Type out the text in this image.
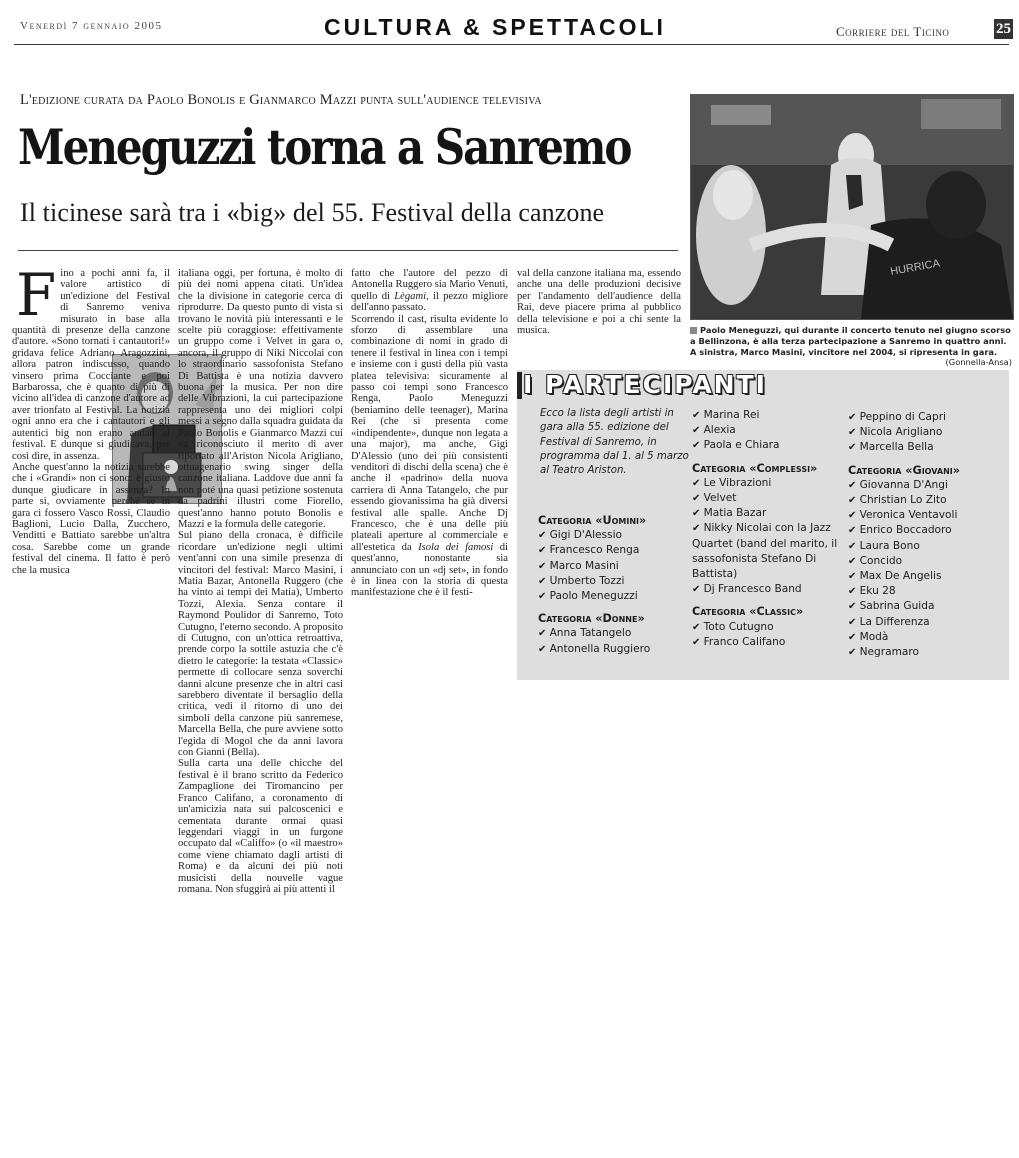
Venerdì 7 gennaio 2005	CULTURA & SPETTACOLI	Corriere del Ticino	25
L'edizione curata da Paolo Bonolis e Gianmarco Mazzi punta sull'audience televisiva
Meneguzzi torna a Sanremo
Il ticinese sarà tra i «big» del 55. Festival della canzone

Fino a pochi anni fa, il valore artistico di un'edizione del Festival di Sanremo veniva misurato in base alla quantità di presenze della canzone d'autore. «Sono tornati i cantautori!» gridava felice Adriano Aragozzini, allora patron indiscusso, quando vinsero prima Cocciante e poi Barbarossa, che è quanto di più di vicino all'idea di canzone d'autore ad aver trionfato al Festival. La notizia ogni anno era che i cantautori e gli autentici big non erano andati al festival. E dunque si giudicava, per così dire, in assenza.

Anche quest'anno la notizia sarebbe che i «Grandi» non ci sono: è giusto dunque giudicare in assenza? In parte sì, ovviamente perché se in gara ci fossero Vasco Rossi, Claudio Baglioni, Lucio Dalla, Zucchero, Venditti e Battiato sarebbe un'altra cosa. Sarebbe come un grande festival del cinema. Il fatto è però che la musica

italiana oggi, per fortuna, è molto di più dei nomi appena citati. Un'idea che la divisione in categorie cerca di riprodurre. Da questo punto di vista si trovano le novità più interessanti e le scelte più coraggiose: effettivamente un gruppo come i Velvet in gara o, ancora, il gruppo di Niki Niccolai con lo straordinario sassofonista Stefano Di Battista è una notizia davvero buona per la musica. Per non dire delle Vibrazioni, la cui partecipazione rappresenta uno dei migliori colpi messi a segno dalla squadra guidata da Paolo Bonolis e Gianmarco Mazzi cui va riconosciuto il merito di aver riportato all'Ariston Nicola Arigliano, ottuagenario swing singer della canzone italiana. Laddove due anni fa non poté una quasi petizione sostenuta da padrini illustri come Fiorello, quest'anno hanno potuto Bonolis e Mazzi e la formula delle categorie.

Sul piano della cronaca, è difficile ricordare un'edizione negli ultimi vent'anni con una simile presenza di vincitori del festival: Marco Masini, i Matia Bazar, Antonella Ruggero (che ha vinto ai tempi dei Matia), Umberto Tozzi, Alexia. Senza contare il Raymond Poulidor di Sanremo, Toto Cutugno, l'eterno secondo. A proposito di Cutugno, con un'ottica retroattiva, prende corpo la sottile astuzia che c'è dietro le categorie: la testata «Classic» permette di collocare senza soverchi danni alcune presenze che in altri casi sarebbero diventate il bersaglio della critica, vedi il ritorno di uno dei simboli della canzone più sanremese, Marcella Bella, che pure avviene sotto l'egida di Mogol che da anni lavora con Gianni (Bella).

Sulla carta una delle chicche del festival è il brano scritto da Federico Zampaglione dei Tiromancino per Franco Califano, a coronamento di un'amicizia nata sui palcoscenici e cementata durante ormai quasi leggendari viaggi in un furgone occupato dal «Califfo» (o «il maestro» come viene chiamato dagli artisti di Roma) e da alcuni dei più noti musicisti della nouvelle vague romana. Non sfuggirà ai più attenti il

fatto che l'autore del pezzo di Antonella Ruggero sia Mario Venuti, quello di Lègami, il pezzo migliore dell'anno passato.

Scorrendo il cast, risulta evidente lo sforzo di assemblare una combinazione di nomi in grado di tenere il festival in linea con i tempi e insieme con i gusti della più vasta platea televisiva: sicuramente al passo coi tempi sono Francesco Renga, Paolo Meneguzzi (beniamino delle teenager), Marina Rei (che si presenta come «indipendente», dunque non legata a una major), ma anche, Gigi D'Alessio (uno dei più consistenti venditori di dischi della scena) che è anche il «padrino» della nuova carriera di Anna Tatangelo, che pur essendo giovanissima ha già diversi festival alle spalle. Anche Dj Francesco, che è una delle più plateali aperture al commerciale e all'estetica da Isola dei famosi di quest'anno, nonostante sia annunciato con un «dj set», in fondo è in linea con la storia di questa manifestazione che è il festi-

val della canzone italiana ma, essendo anche una delle produzioni decisive per l'andamento dell'audience della Rai, deve piacere prima al pubblico della televisione e poi a chi sente la musica.

HURRICA
Paolo Meneguzzi, qui durante il concerto tenuto nel giugno scorso a Bellinzona, è alla terza partecipazione a Sanremo in quattro anni. A sinistra, Marco Masini, vincitore nel 2004, si ripresenta in gara.
(Gonnella-Ansa)
I PARTECIPANTI
Ecco la lista degli artisti in gara alla 55. edizione del Festival di Sanremo, in programma dal 1. al 5 marzo al Teatro Ariston.
Categoria «Uomini»
✔ Gigi D'Alessio
✔ Francesco Renga
✔ Marco Masini
✔ Umberto Tozzi
✔ Paolo Meneguzzi
Categoria «Donne»
✔ Anna Tatangelo
✔ Antonella Ruggiero
✔ Marina Rei
✔ Alexia
✔ Paola e Chiara
Categoria «Complessi»
✔ Le Vibrazioni
✔ Velvet
✔ Matia Bazar
✔ Nikky Nicolai con la Jazz Quartet (band del marito, il sassofonista Stefano Di Battista)
✔ Dj Francesco Band
Categoria «Classic»
✔ Toto Cutugno
✔ Franco Califano
✔ Peppino di Capri
✔ Nicola Arigliano
✔ Marcella Bella
Categoria «Giovani»
✔ Giovanna D'Angi
✔ Christian Lo Zito
✔ Veronica Ventavoli
✔ Enrico Boccadoro
✔ Laura Bono
✔ Concido
✔ Max De Angelis
✔ Eku 28
✔ Sabrina Guida
✔ La Differenza
✔ Modà
✔ Negramaro
